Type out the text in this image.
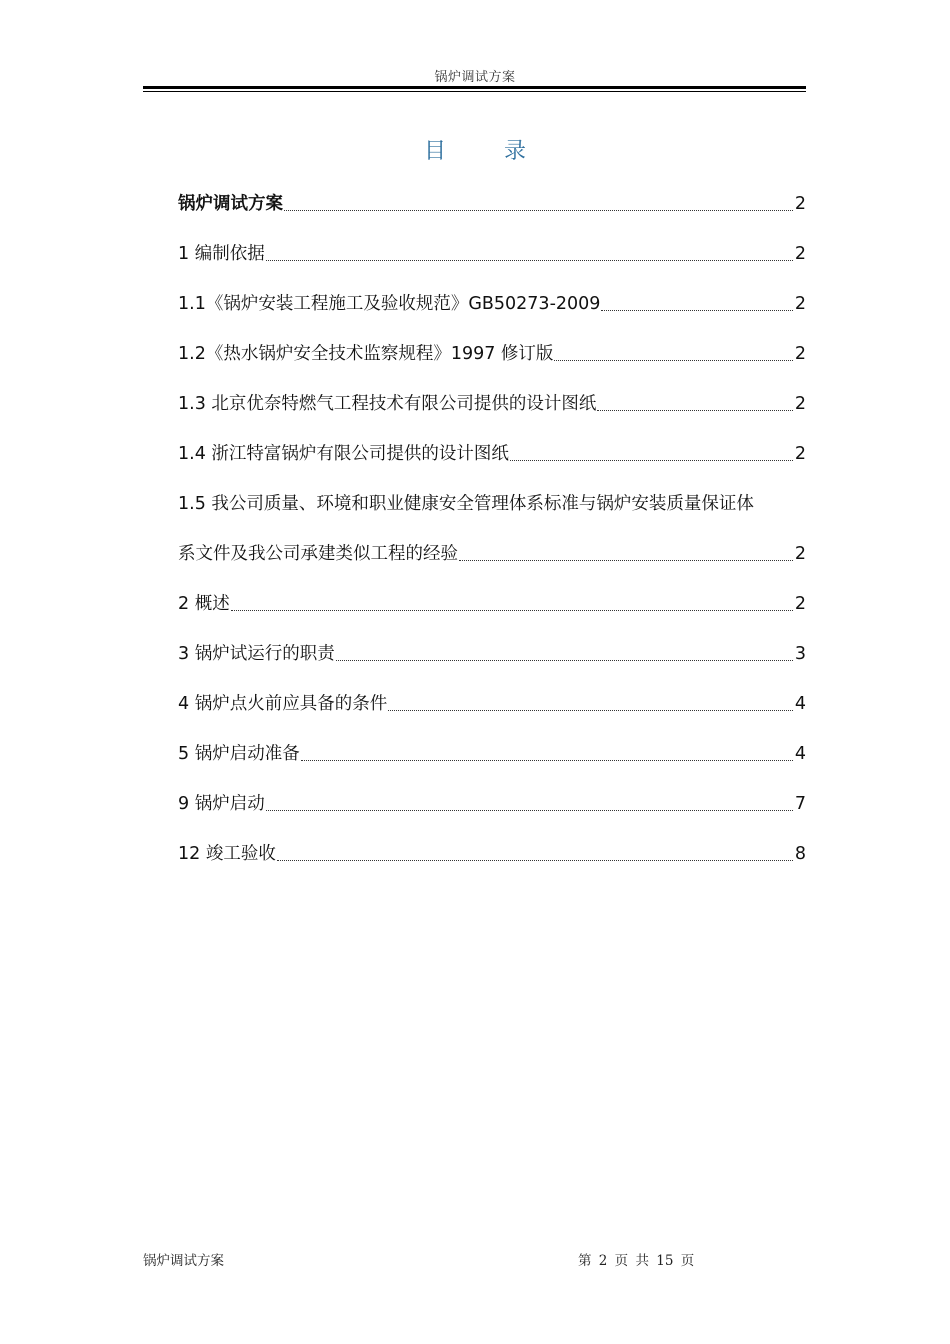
锅炉调试方案
目录
锅炉调试方案	2
1 编制依据	2
1.1《锅炉安装工程施工及验收规范》GB50273-2009	2
1.2《热水锅炉安全技术监察规程》1997 修订版	2
1.3 北京优奈特燃气工程技术有限公司提供的设计图纸	2
1.4 浙江特富锅炉有限公司提供的设计图纸	2
1.5 我公司质量、环境和职业健康安全管理体系标准与锅炉安装质量保证体
系文件及我公司承建类似工程的经验	2
2 概述	2
3 锅炉试运行的职责	3
4 锅炉点火前应具备的条件	4
5 锅炉启动准备	4
9 锅炉启动	7
12 竣工验收	8
锅炉调试方案	第 2 页 共 15 页
